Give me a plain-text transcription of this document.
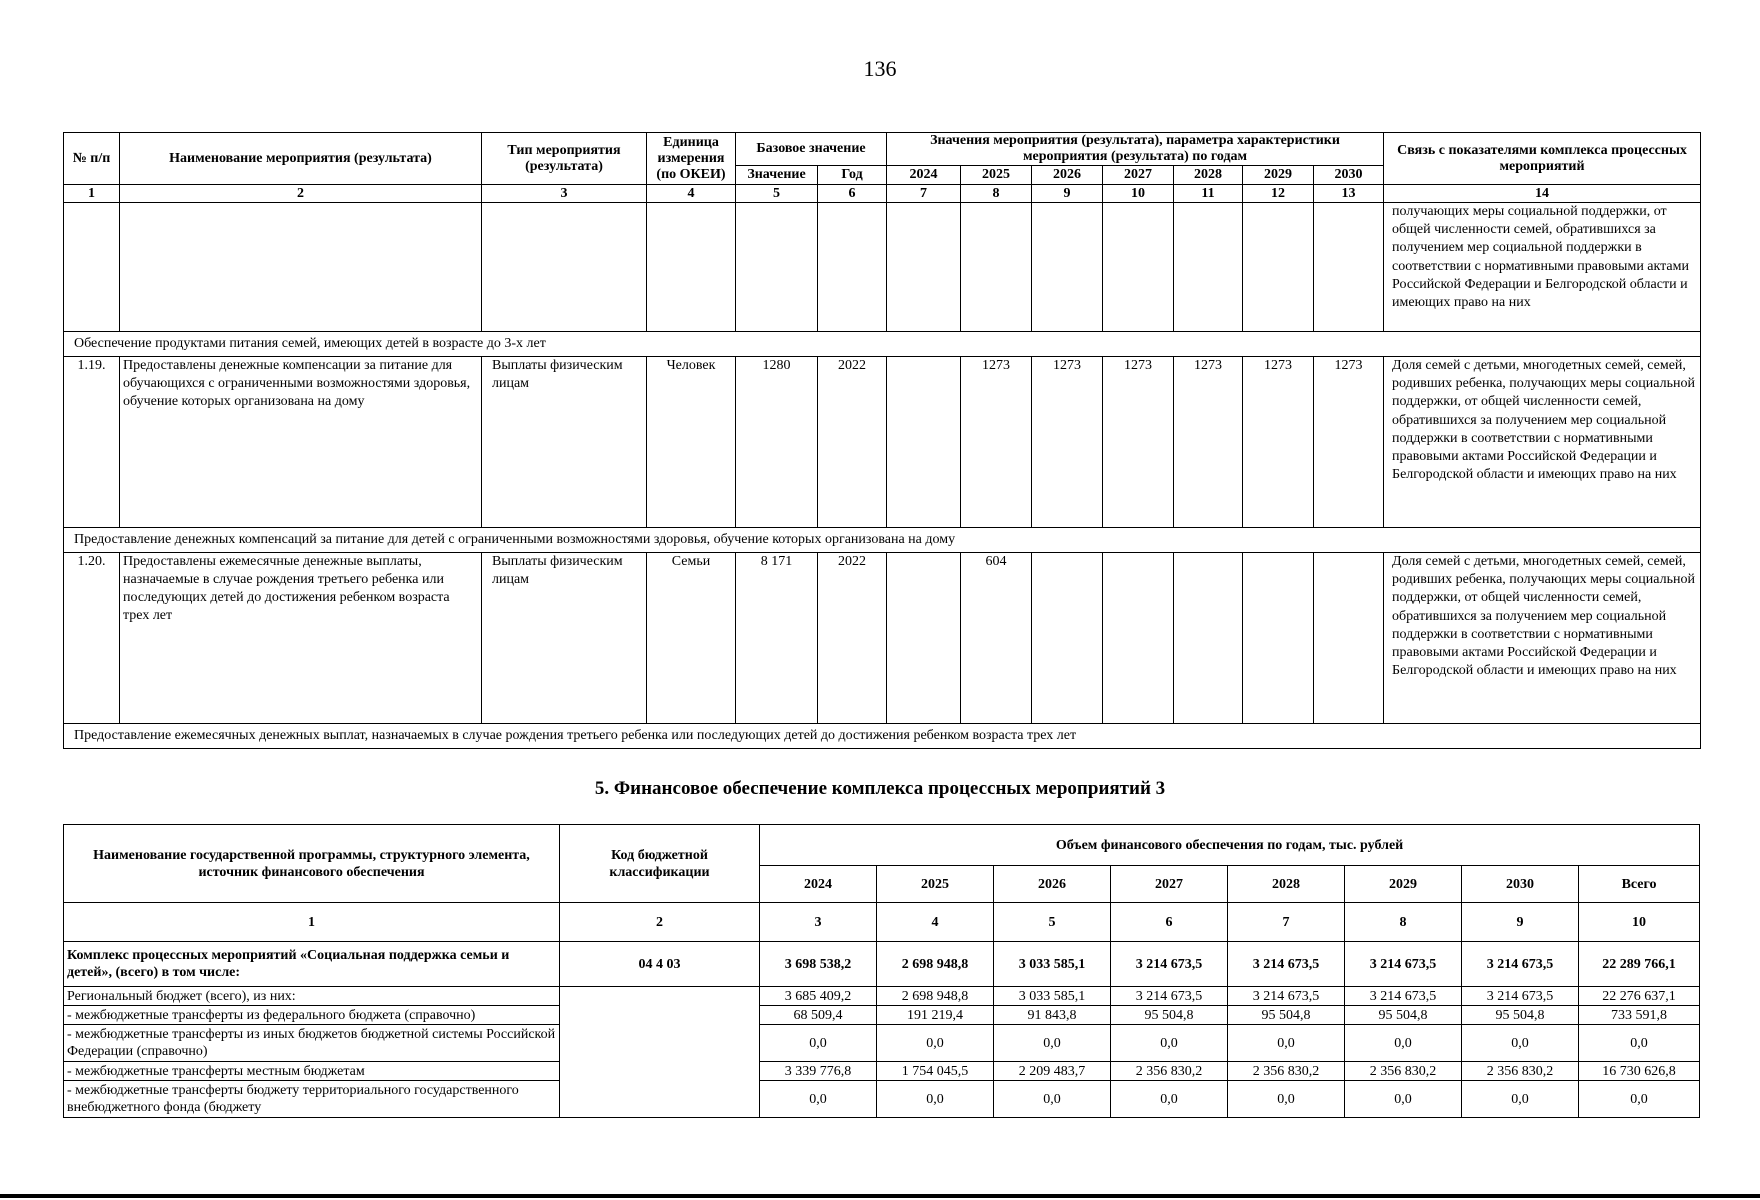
136
№ п/п	Наименование мероприятия (результата)	Тип мероприятия (результата)	Единица измерения (по ОКЕИ)	Базовое значение		Значения мероприятия (результата), параметра характеристики мероприятия (результата) по годам							Связь с показателями комплекса процессных мероприятий
				Значение	Год	2024	2025	2026	2027	2028	2029	2030	
1	2	3	4	5	6	7	8	9	10	11	12	13	14
													получающих меры социальной поддержки, от общей численности семей, обратившихся за получением мер социальной поддержки в соответствии с нормативными правовыми актами Российской Федерации и Белгородской области и имеющих право на них
Обеспечение продуктами питания семей, имеющих детей в возрасте до 3-х лет													
1.19.	Предоставлены денежные компенсации за питание для обучающихся с ограниченными возможностями здоровья, обучение которых организована на дому	Выплаты физическим лицам	Человек	1280	2022		1273	1273	1273	1273	1273	1273	Доля семей с детьми, многодетных семей, семей, родивших ребенка, получающих меры социальной поддержки, от общей численности семей, обратившихся за получением мер социальной поддержки в соответствии с нормативными правовыми актами Российской Федерации и Белгородской области и имеющих право на них
Предоставление денежных компенсаций за питание для детей с ограниченными возможностями здоровья, обучение которых организована на дому													
1.20.	Предоставлены ежемесячные денежные выплаты, назначаемые в случае рождения третьего ребенка или последующих детей до достижения ребенком возраста трех лет	Выплаты физическим лицам	Семьи	8 171	2022		604						Доля семей с детьми, многодетных семей, семей, родивших ребенка, получающих меры социальной поддержки, от общей численности семей, обратившихся за получением мер социальной поддержки в соответствии с нормативными правовыми актами Российской Федерации и Белгородской области и имеющих право на них
Предоставление ежемесячных денежных выплат, назначаемых в случае рождения третьего ребенка или последующих детей до достижения ребенком возраста трех лет													
5. Финансовое обеспечение комплекса процессных мероприятий 3
Наименование государственной программы, структурного элемента, источник финансового обеспечения	Код бюджетной классификации	Объем финансового обеспечения по годам, тыс. рублей							
		2024	2025	2026	2027	2028	2029	2030	Всего
1	2	3	4	5	6	7	8	9	10
Комплекс процессных мероприятий «Социальная поддержка семьи и детей», (всего) в том числе:	04 4 03	3 698 538,2	2 698 948,8	3 033 585,1	3 214 673,5	3 214 673,5	3 214 673,5	3 214 673,5	22 289 766,1
Региональный бюджет (всего), из них:		3 685 409,2	2 698 948,8	3 033 585,1	3 214 673,5	3 214 673,5	3 214 673,5	3 214 673,5	22 276 637,1
- межбюджетные трансферты из федерального бюджета (справочно)		68 509,4	191 219,4	91 843,8	95 504,8	95 504,8	95 504,8	95 504,8	733 591,8
- межбюджетные трансферты из иных бюджетов бюджетной системы Российской Федерации (справочно)		0,0	0,0	0,0	0,0	0,0	0,0	0,0	0,0
- межбюджетные трансферты местным бюджетам		3 339 776,8	1 754 045,5	2 209 483,7	2 356 830,2	2 356 830,2	2 356 830,2	2 356 830,2	16 730 626,8
- межбюджетные трансферты бюджету территориального государственного внебюджетного фонда (бюджету		0,0	0,0	0,0	0,0	0,0	0,0	0,0	0,0
